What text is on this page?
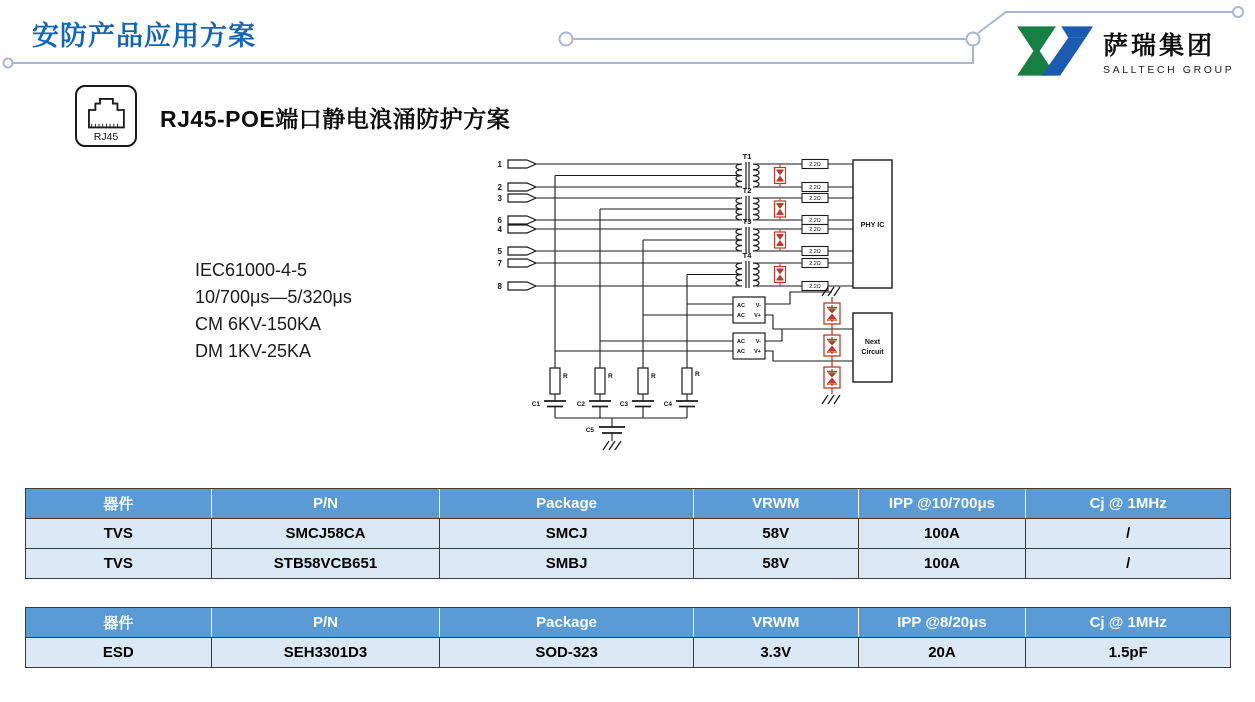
安防产品应用方案	萨瑞集团
SALLTECH GROUP
RJ45
RJ45-POE端口静电浪涌防护方案
IEC61000-4-5
10/700μs—5/320μs
CM 6KV-150KA
DM 1KV-25KA
1
2
3
6
4
5
7
8
T1
T2
T3
T4
2.2Ω
2.2Ω
2.2Ω
2.2Ω
2.2Ω
2.2Ω
2.2Ω
2.2Ω
PHY IC
AC
AC
V-
V+
AC
AC
V-
V+
Next
Circuit
R	R	R	R
C1	C2	C3	C4
C5
器件	P/N	Package	VRWM	IPP @10/700μs	Cj @ 1MHz
TVS	SMCJ58CA	SMCJ	58V	100A	/
TVS	STB58VCB651	SMBJ	58V	100A	/
器件	P/N	Package	VRWM	IPP @8/20μs	Cj @ 1MHz
ESD	SEH3301D3	SOD-323	3.3V	20A	1.5pF
